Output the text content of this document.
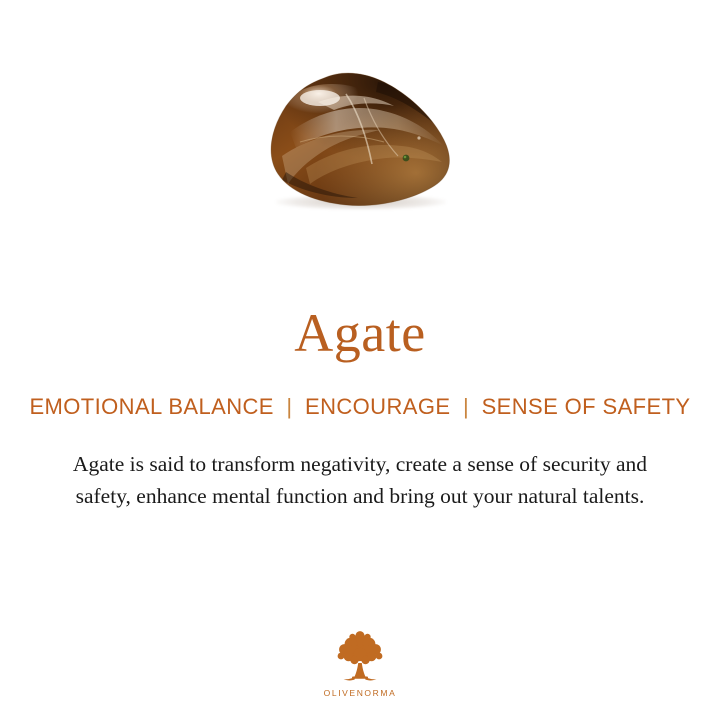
Agate
EMOTIONAL BALANCE | ENCOURAGE | SENSE OF SAFETY
Agate is said to transform negativity, create a sense of security and safety, enhance mental function and bring out your natural talents.
OLIVENORMA
